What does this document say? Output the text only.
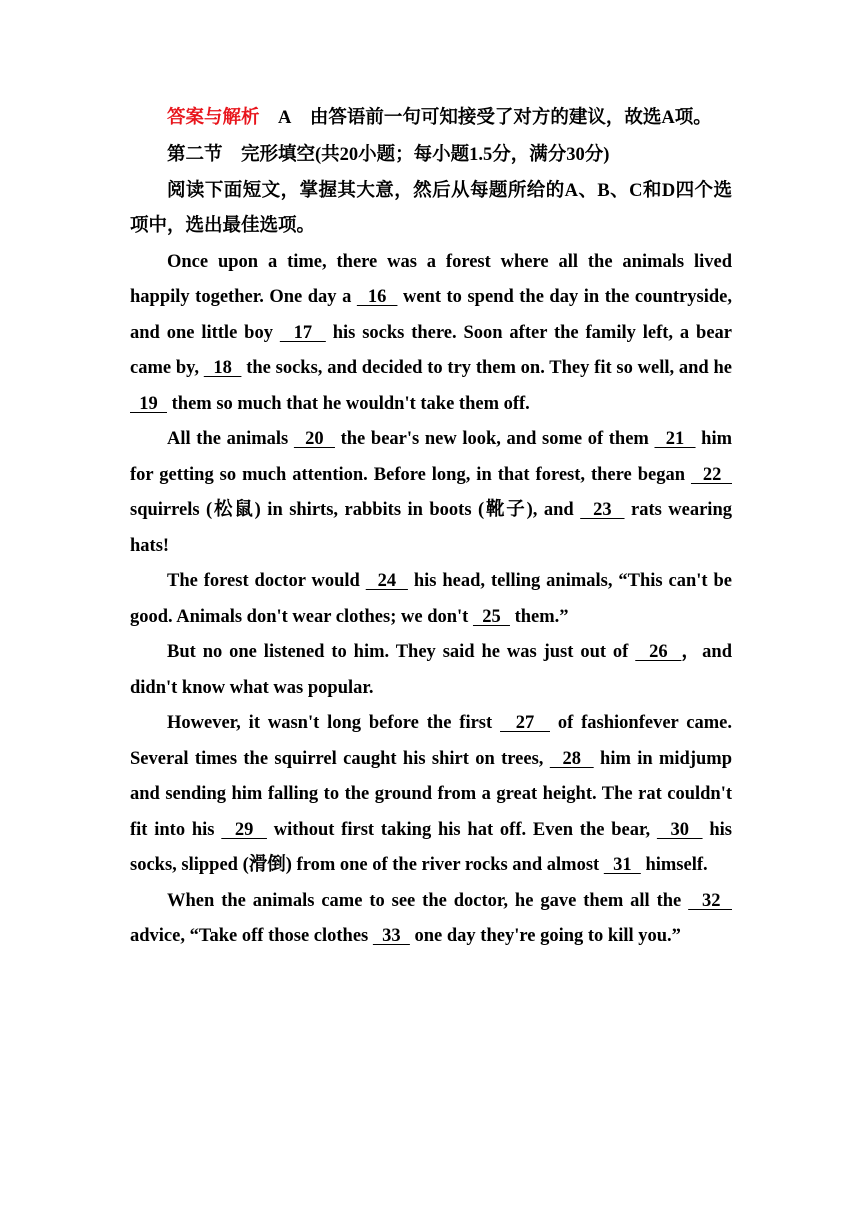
答案与解析 A 由答语前一句可知接受了对方的建议，故选A项。

第二节　完形填空(共20小题；每小题1.5分，满分30分)

阅读下面短文，掌握其大意，然后从每题所给的A、B、C和D四个选项中，选出最佳选项。

Once upon a time, there was a forest where all the animals lived happily together. One day a   16   went to spend the day in the countryside, and one little boy   17   his socks there. Soon after the family left, a bear came by,   18   the socks, and decided to try them on. They fit so well, and he   19   them so much that he wouldn't take them off.

All the animals   20   the bear's new look, and some of them   21   him for getting so much attention. Before long, in that forest, there began   22   squirrels (松鼠) in shirts, rabbits in boots (靴子), and   23   rats wearing hats!

The forest doctor would   24   his head, telling animals, “This can't be good. Animals don't wear clothes; we don't   25   them.”

But no one listened to him. They said he was just out of   26  ，and didn't know what was popular.

However, it wasn't long before the first   27   of fashionfever came. Several times the squirrel caught his shirt on trees,   28   him in midjump and sending him falling to the ground from a great height. The rat couldn't fit into his   29   without first taking his hat off. Even the bear,   30   his socks, slipped (滑倒) from one of the river rocks and almost   31   himself.

When the animals came to see the doctor, he gave them all the   32   advice, “Take off those clothes   33   one day they're going to kill you.”
